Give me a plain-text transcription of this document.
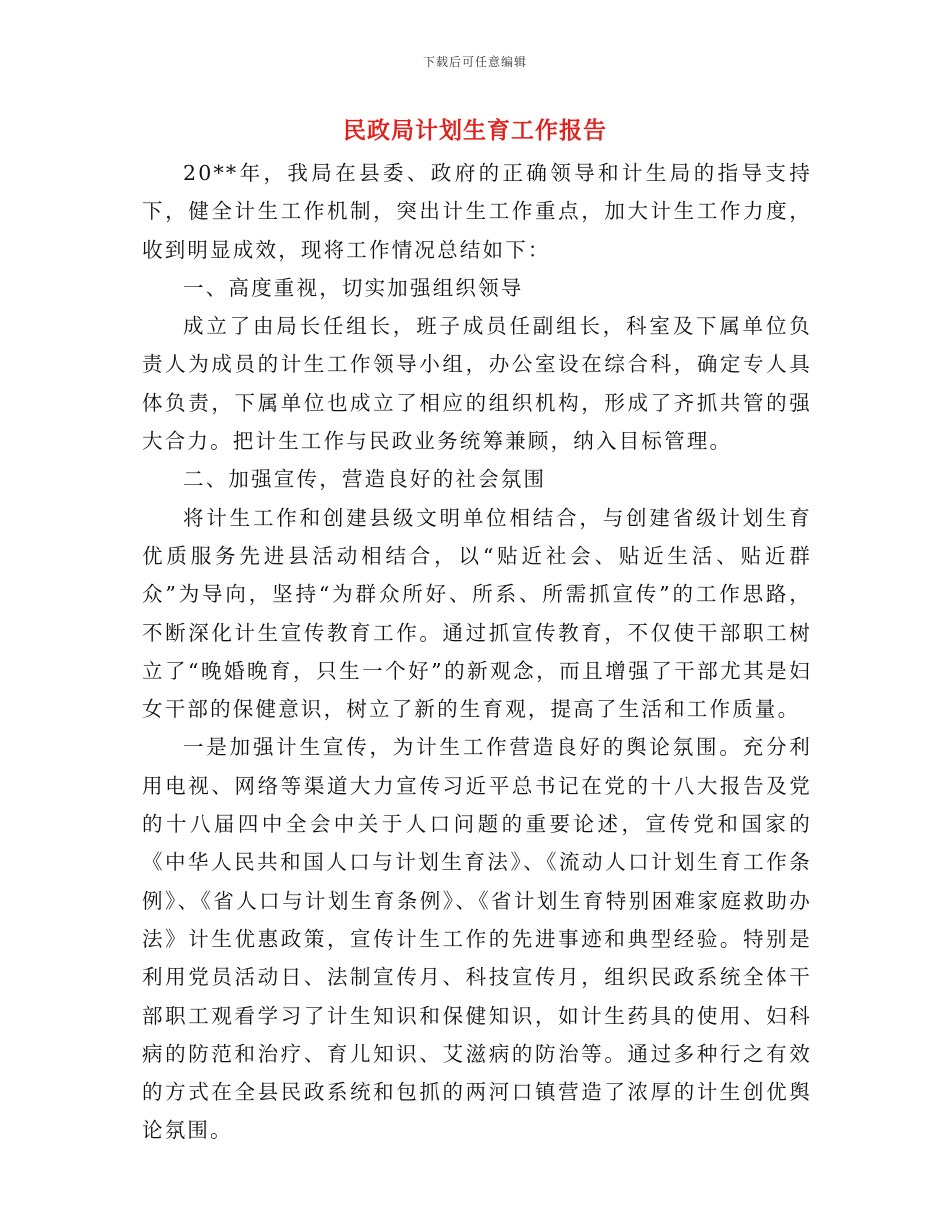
下载后可任意编辑
民政局计划生育工作报告

20**年，我局在县委、政府的正确领导和计生局的指导支持下，健全计生工作机制，突出计生工作重点，加大计生工作力度，收到明显成效，现将工作情况总结如下：

一、高度重视，切实加强组织领导

成立了由局长任组长，班子成员任副组长，科室及下属单位负责人为成员的计生工作领导小组，办公室设在综合科，确定专人具体负责，下属单位也成立了相应的组织机构，形成了齐抓共管的强大合力。把计生工作与民政业务统筹兼顾，纳入目标管理。

二、加强宣传，营造良好的社会氛围

将计生工作和创建县级文明单位相结合，与创建省级计划生育优质服务先进县活动相结合，以“贴近社会、贴近生活、贴近群众”为导向，坚持“为群众所好、所系、所需抓宣传”的工作思路，不断深化计生宣传教育工作。通过抓宣传教育，不仅使干部职工树立了“晚婚晚育，只生一个好”的新观念，而且增强了干部尤其是妇女干部的保健意识，树立了新的生育观，提高了生活和工作质量。

一是加强计生宣传，为计生工作营造良好的舆论氛围。充分利用电视、网络等渠道大力宣传习近平总书记在党的十八大报告及党的十八届四中全会中关于人口问题的重要论述，宣传党和国家的《中华人民共和国人口与计划生育法》、《流动人口计划生育工作条例》、《省人口与计划生育条例》、《省计划生育特别困难家庭救助办法》计生优惠政策，宣传计生工作的先进事迹和典型经验。特别是利用党员活动日、法制宣传月、科技宣传月，组织民政系统全体干部职工观看学习了计生知识和保健知识，如计生药具的使用、妇科病的防范和治疗、育儿知识、艾滋病的防治等。通过多种行之有效的方式在全县民政系统和包抓的两河口镇营造了浓厚的计生创优舆论氛围。
